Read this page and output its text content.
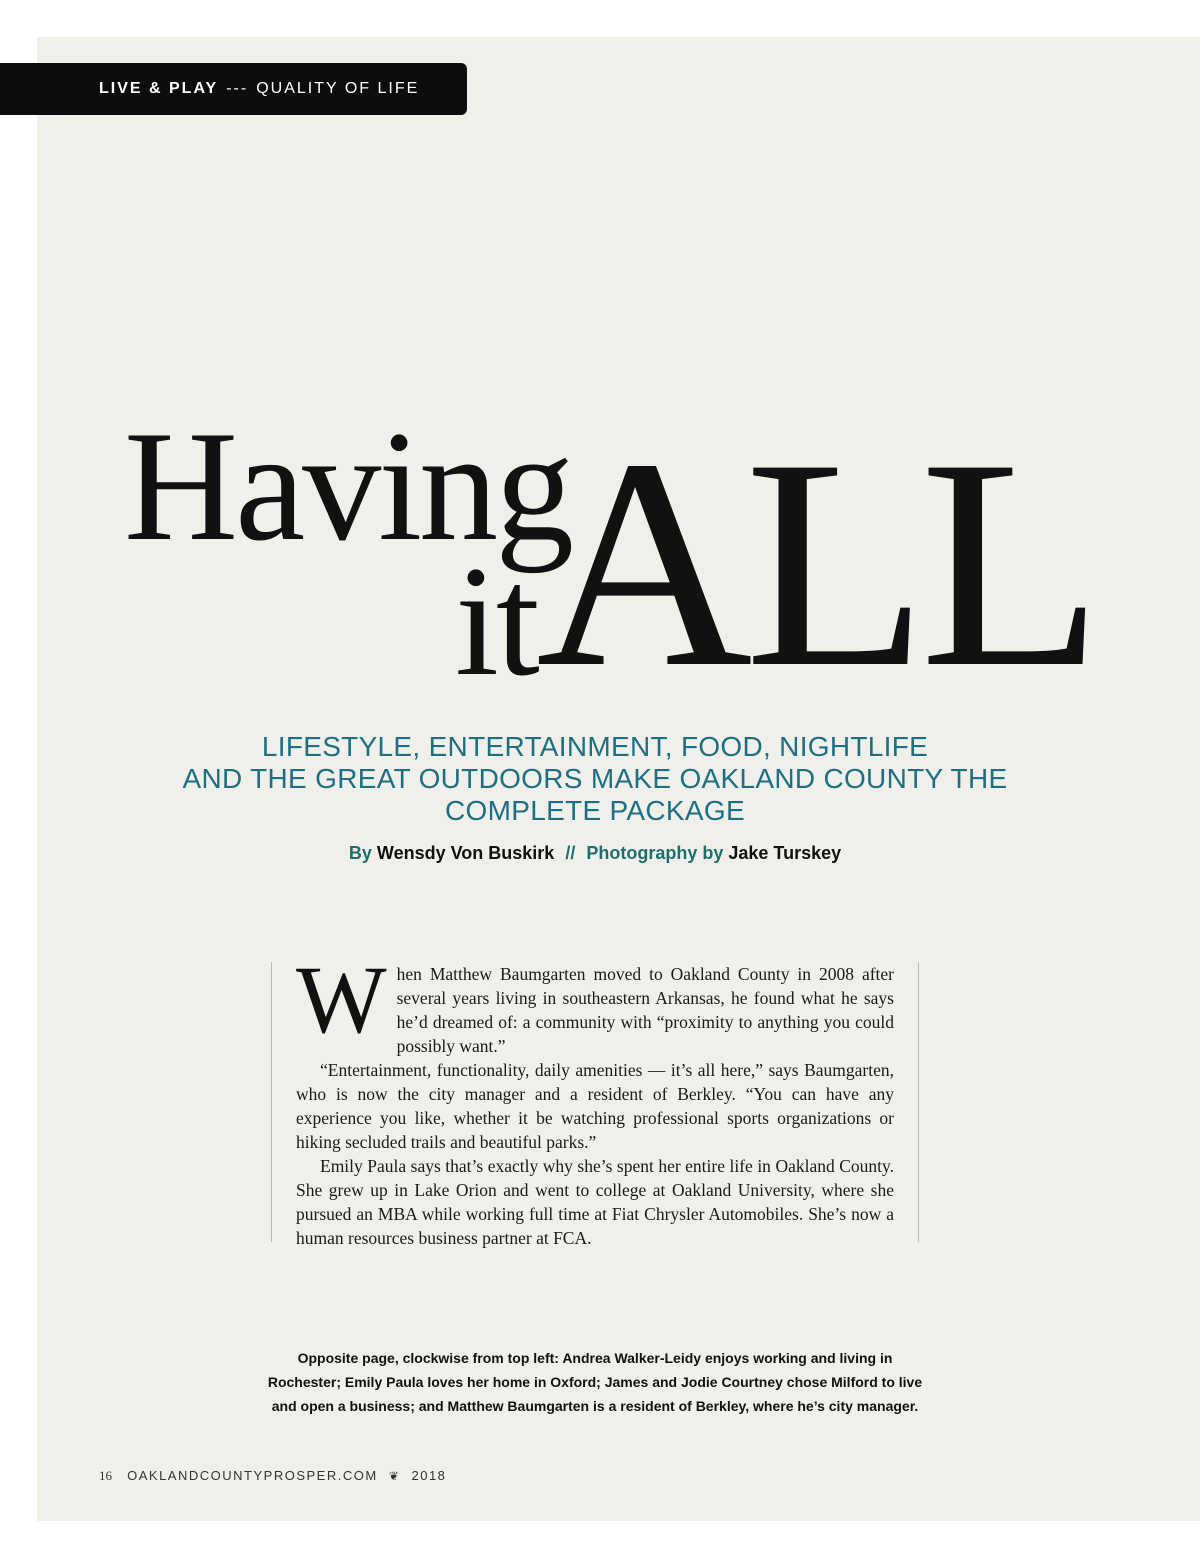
LIVE & PLAY --- QUALITY OF LIFE
Having
it ALL
LIFESTYLE, ENTERTAINMENT, FOOD, NIGHTLIFE
AND THE GREAT OUTDOORS MAKE OAKLAND COUNTY THE
COMPLETE PACKAGE
By Wensdy Von Buskirk // Photography by Jake Turskey

When Matthew Baumgarten moved to Oakland County in 2008 after several years living in southeastern Arkansas, he found what he says he’d dreamed of: a community with “proximity to anything you could possibly want.”

“Entertainment, functionality, daily amenities — it’s all here,” says Baumgarten, who is now the city manager and a resident of Berkley. “You can have any experience you like, whether it be watching professional sports organizations or hiking secluded trails and beautiful parks.”

Emily Paula says that’s exactly why she’s spent her entire life in Oakland County. She grew up in Lake Orion and went to college at Oakland University, where she pursued an MBA while working full time at Fiat Chrysler Automobiles. She’s now a human resources business partner at FCA.

Opposite page, clockwise from top left: Andrea Walker-Leidy enjoys working and living in Rochester; Emily Paula loves her home in Oxford; James and Jodie Courtney chose Milford to live and open a business; and Matthew Baumgarten is a resident of Berkley, where he’s city manager.
16 OAKLANDCOUNTYPROSPER.COM ❦ 2018
